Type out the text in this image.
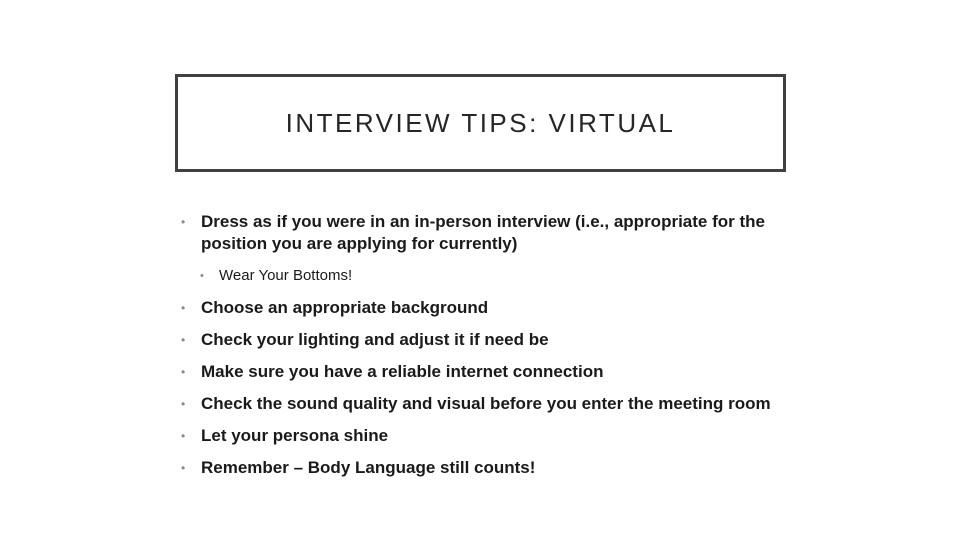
INTERVIEW TIPS: VIRTUAL
• Dress as if you were in an in-person interview (i.e., appropriate for the position you are applying for currently)
• Wear Your Bottoms!
• Choose an appropriate background
• Check your lighting and adjust it if need be
• Make sure you have a reliable internet connection
• Check the sound quality and visual before you enter the meeting room
• Let your persona shine
• Remember – Body Language still counts!
